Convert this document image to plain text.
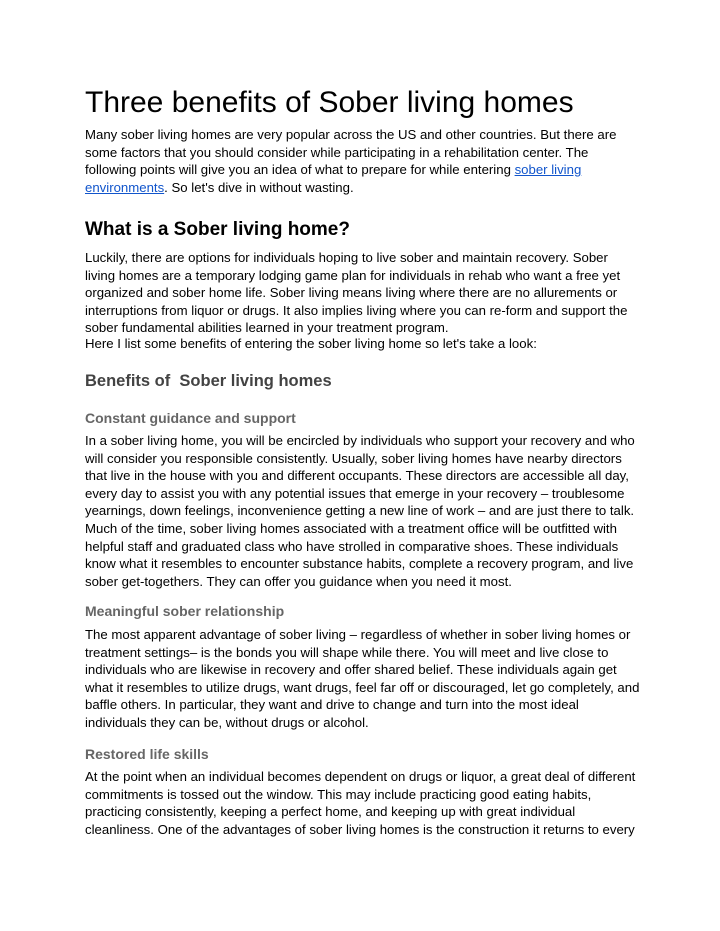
Three benefits of Sober living homes

Many sober living homes are very popular across the US and other countries. But there are some factors that you should consider while participating in a rehabilitation center. The following points will give you an idea of what to prepare for while entering sober living environments. So let's dive in without wasting.

What is a Sober living home?

Luckily, there are options for individuals hoping to live sober and maintain recovery. Sober living homes are a temporary lodging game plan for individuals in rehab who want a free yet organized and sober home life. Sober living means living where there are no allurements or interruptions from liquor or drugs. It also implies living where you can re-form and support the sober fundamental abilities learned in your treatment program.

Here I list some benefits of entering the sober living home so let's take a look:

Benefits of  Sober living homes
Constant guidance and support

In a sober living home, you will be encircled by individuals who support your recovery and who will consider you responsible consistently. Usually, sober living homes have nearby directors that live in the house with you and different occupants. These directors are accessible all day, every day to assist you with any potential issues that emerge in your recovery – troublesome yearnings, down feelings, inconvenience getting a new line of work – and are just there to talk. Much of the time, sober living homes associated with a treatment office will be outfitted with helpful staff and graduated class who have strolled in comparative shoes. These individuals know what it resembles to encounter substance habits, complete a recovery program, and live sober get-togethers. They can offer you guidance when you need it most.

Meaningful sober relationship

The most apparent advantage of sober living – regardless of whether in sober living homes or treatment settings– is the bonds you will shape while there. You will meet and live close to individuals who are likewise in recovery and offer shared belief. These individuals again get what it resembles to utilize drugs, want drugs, feel far off or discouraged, let go completely, and baffle others. In particular, they want and drive to change and turn into the most ideal individuals they can be, without drugs or alcohol.

Restored life skills

At the point when an individual becomes dependent on drugs or liquor, a great deal of different commitments is tossed out the window. This may include practicing good eating habits, practicing consistently, keeping a perfect home, and keeping up with great individual cleanliness. One of the advantages of sober living homes is the construction it returns to every
